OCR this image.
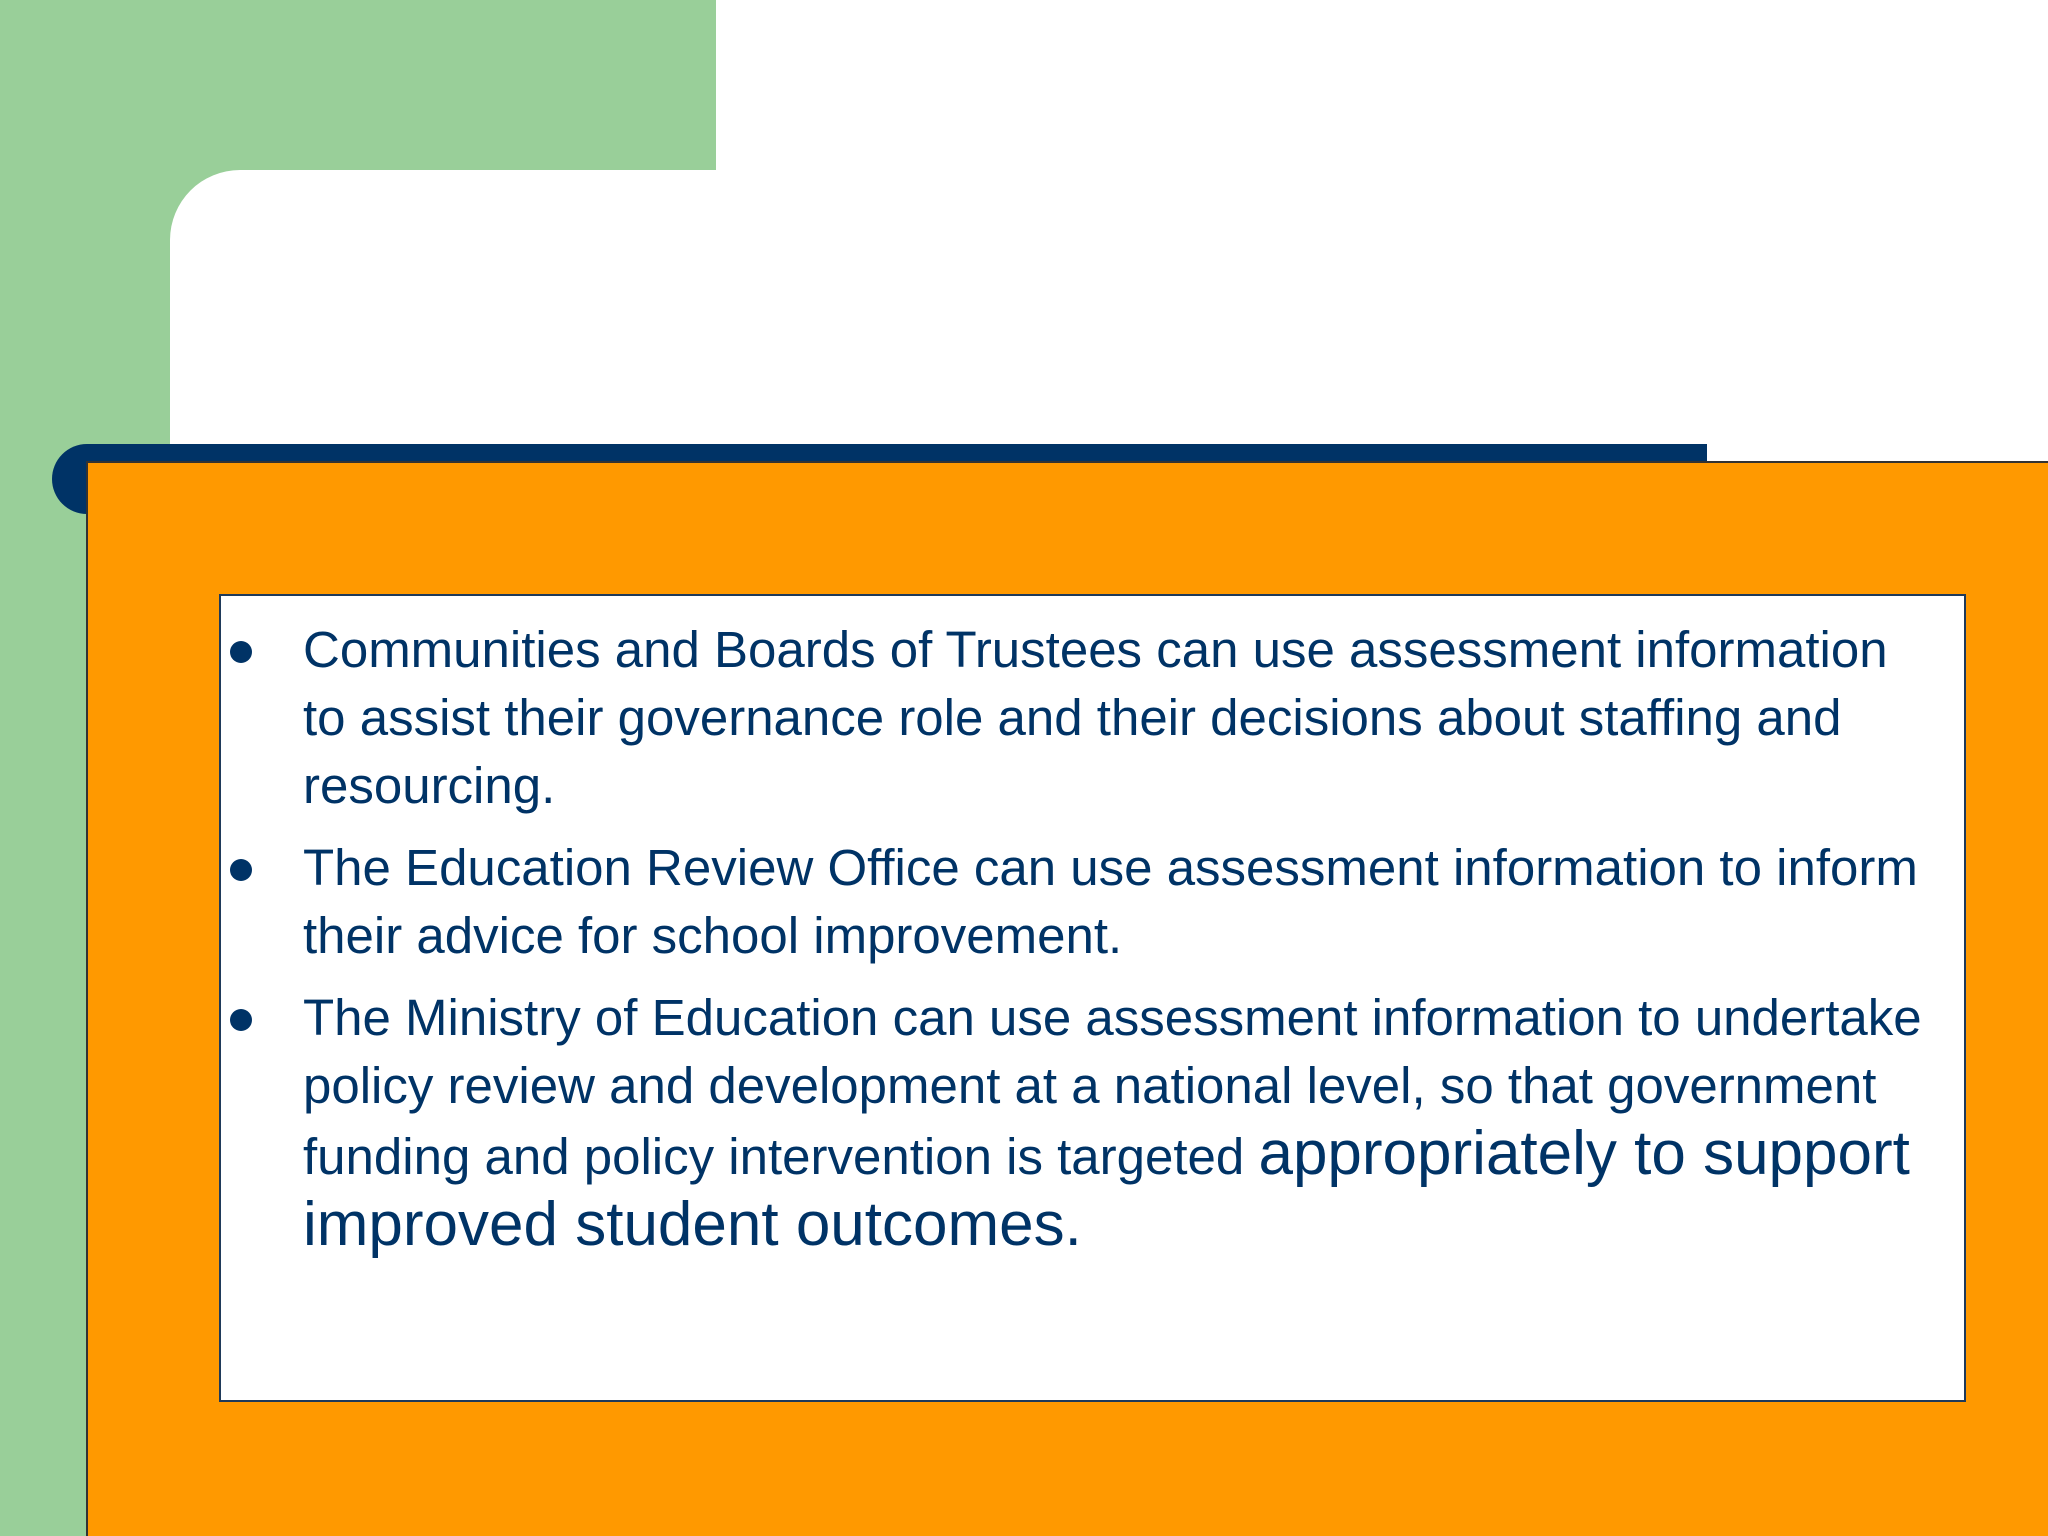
Communities and Boards of Trustees can use assessment information to assist their governance role and their decisions about staffing and resourcing.
The Education Review Office can use assessment information to inform their advice for school improvement.
The Ministry of Education can use assessment information to undertake policy review and development at a national level, so that government funding and policy intervention is targeted appropriately to support improved student outcomes.
